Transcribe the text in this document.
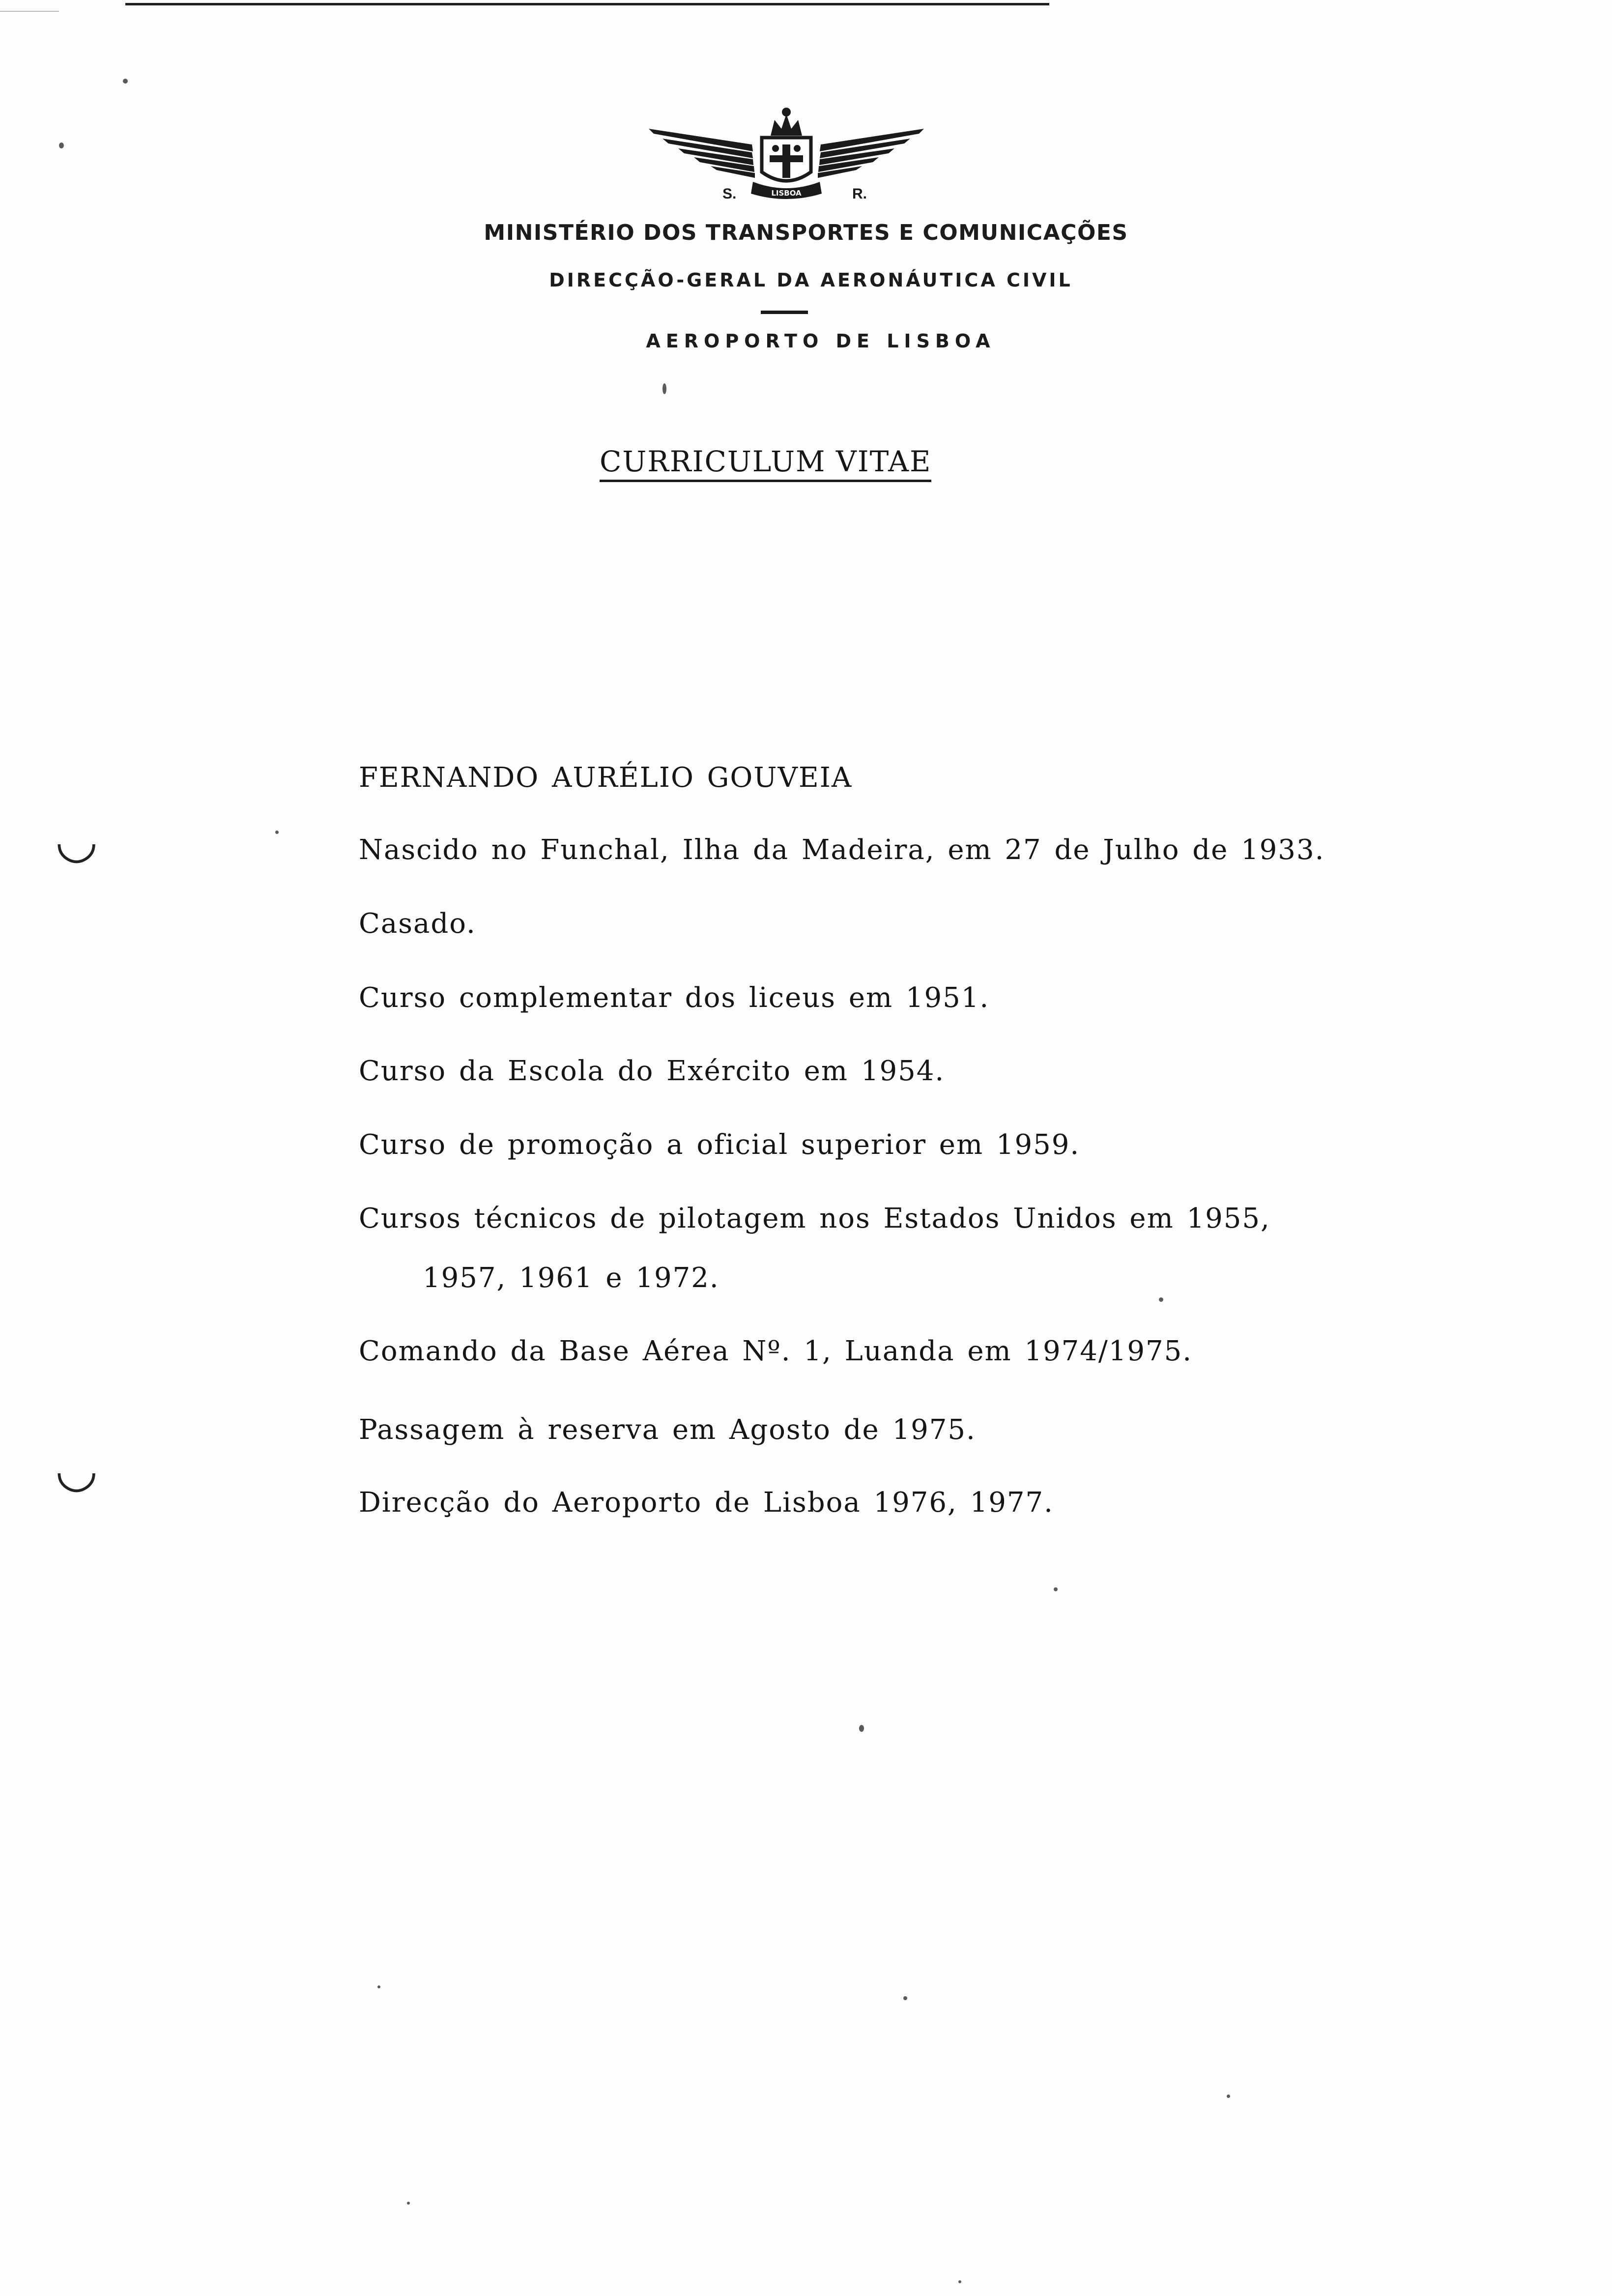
LISBOA
S.	R.
MINISTÉRIO DOS TRANSPORTES E COMUNICAÇÕES
DIRECÇÃO-GERAL DA AERONÁUTICA CIVIL
AEROPORTO DE LISBOA
CURRICULUM VITAE
FERNANDO AURÉLIO GOUVEIA
Nascido no Funchal, Ilha da Madeira, em 27 de Julho de 1933.
Casado.
Curso complementar dos liceus em 1951.
Curso da Escola do Exército em 1954.
Curso de promoção a oficial superior em 1959.
Cursos técnicos de pilotagem nos Estados Unidos em 1955,
1957, 1961 e 1972.
Comando da Base Aérea Nº. 1, Luanda em 1974/1975.
Passagem à reserva em Agosto de 1975.
Direcção do Aeroporto de Lisboa 1976, 1977.
◡
◡
